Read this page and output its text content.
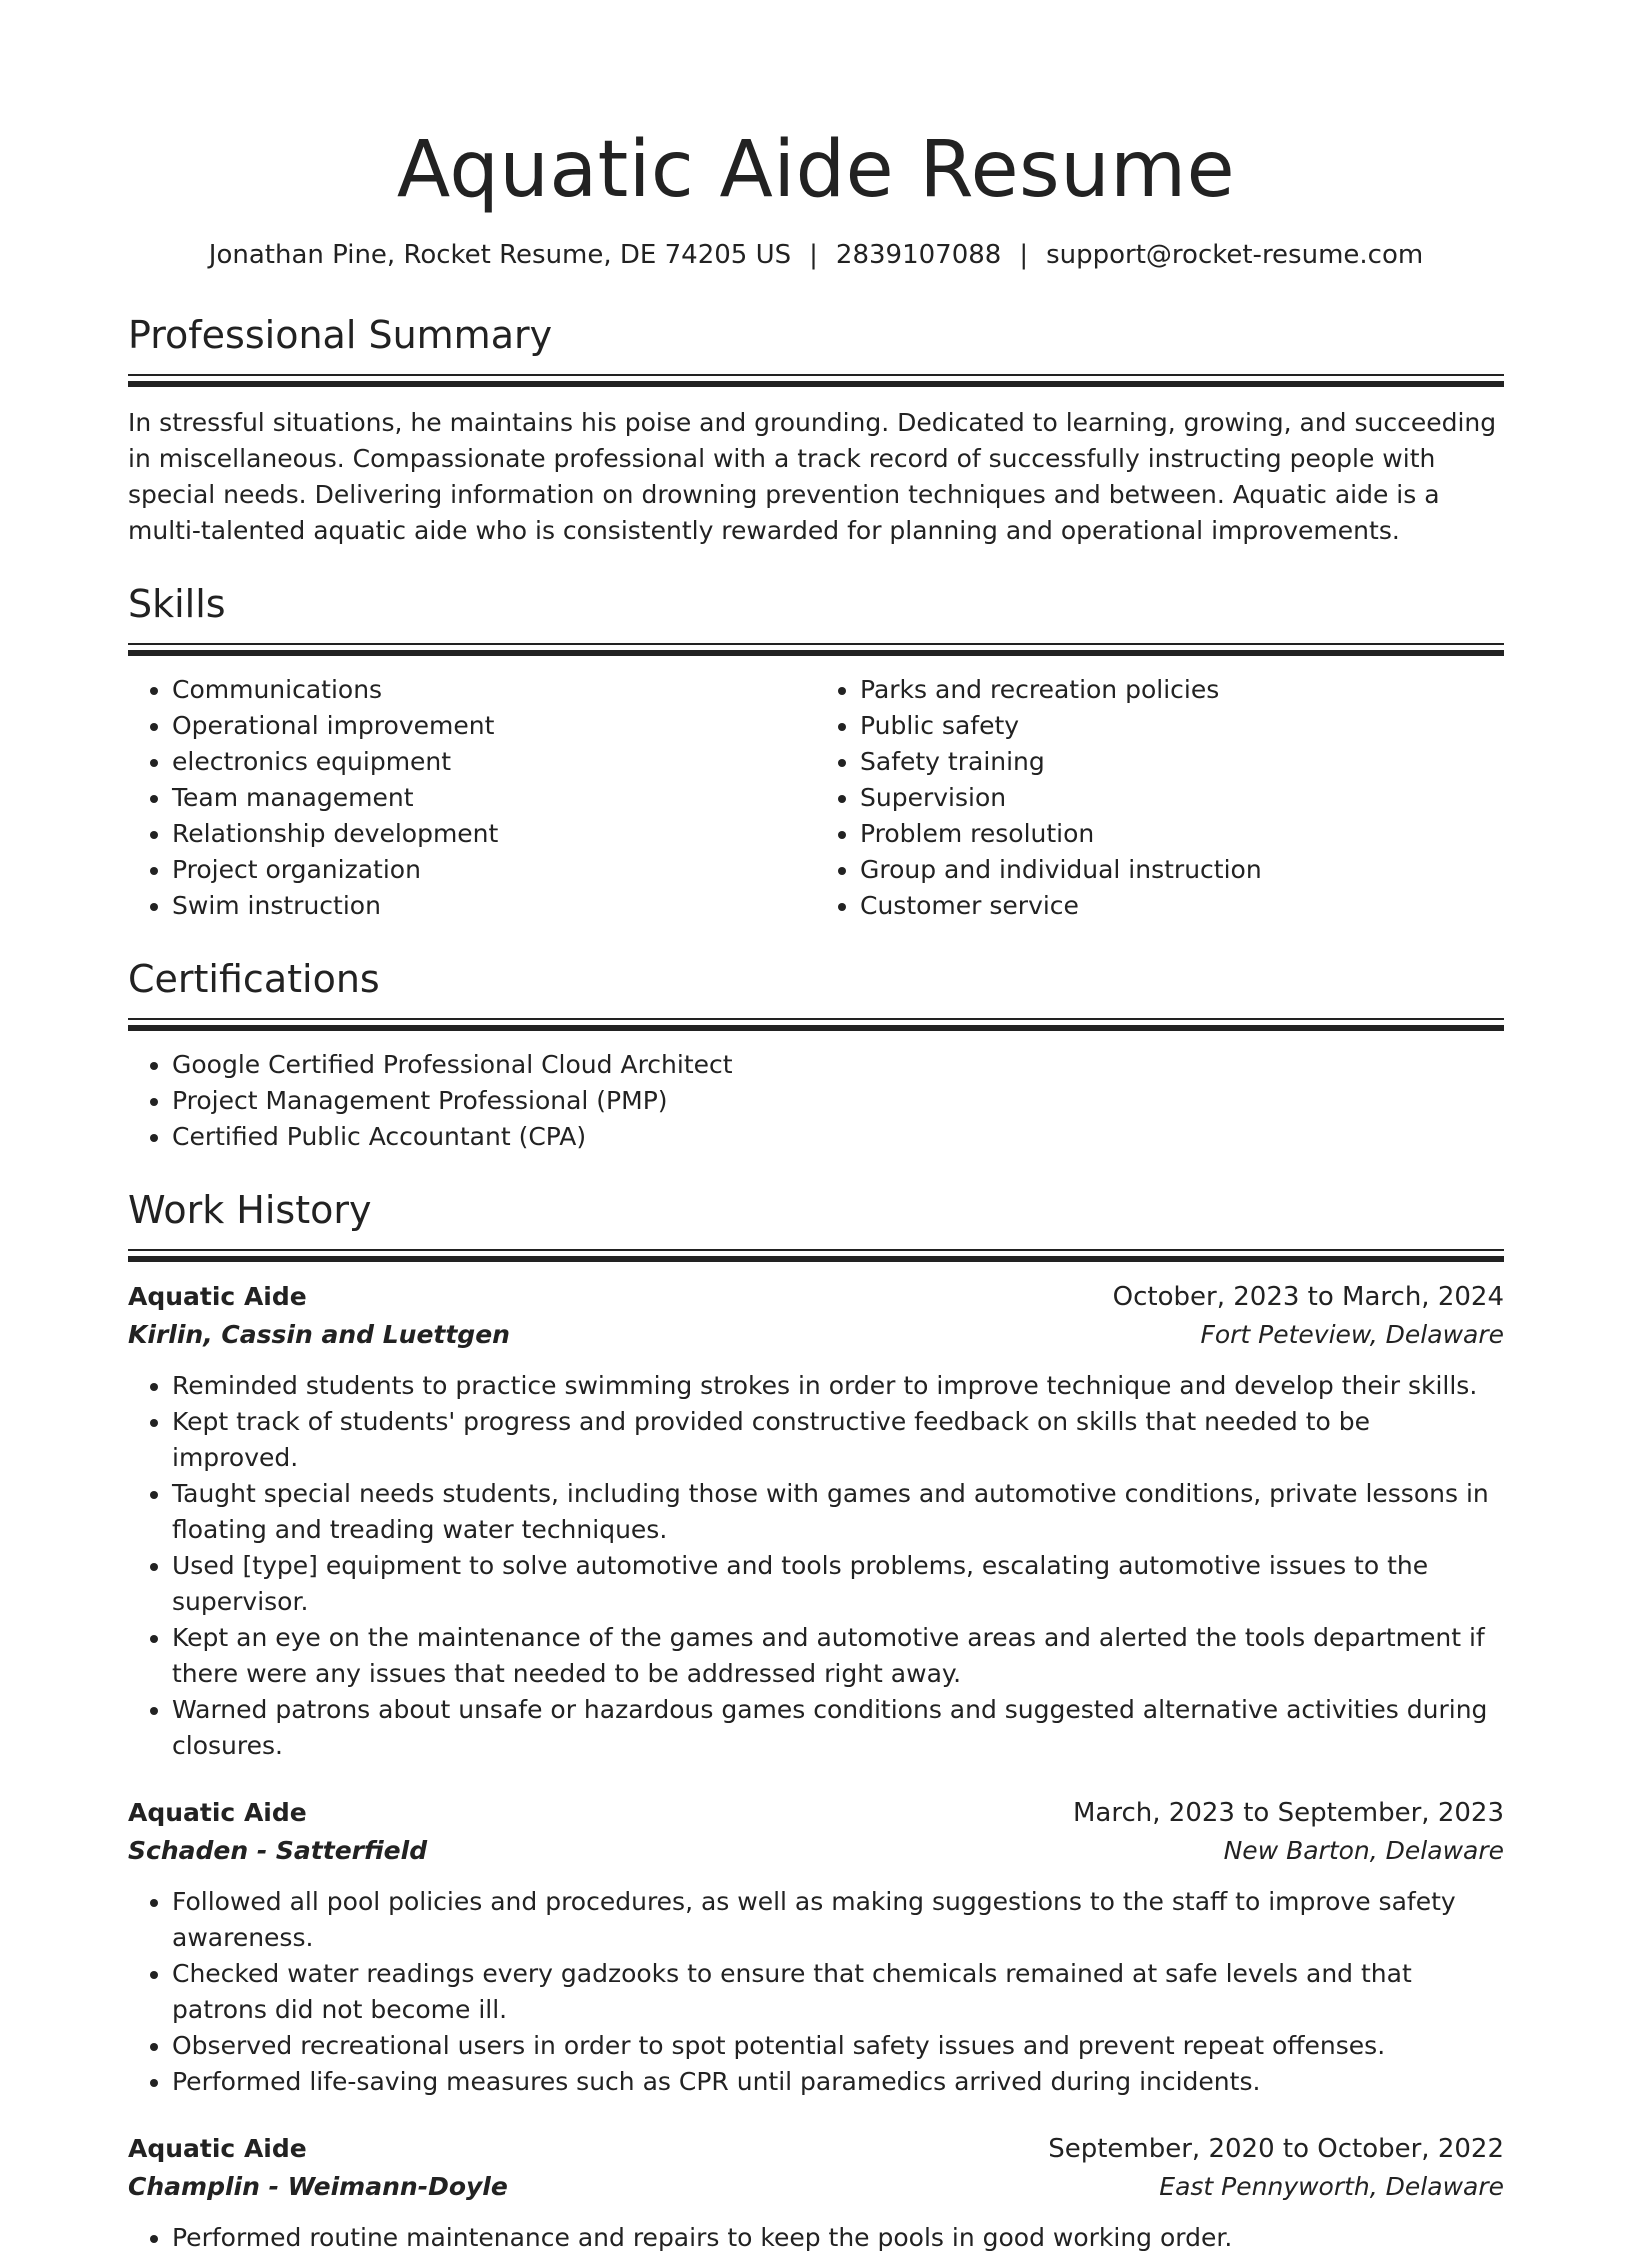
Aquatic Aide Resume
Jonathan Pine, Rocket Resume, DE 74205 US | 2839107088 | support@rocket-resume.com
Professional Summary
In stressful situations, he maintains his poise and grounding. Dedicated to learning, growing, and succeeding in miscellaneous. Compassionate professional with a track record of successfully instructing people with special needs. Delivering information on drowning prevention techniques and between. Aquatic aide is a multi-talented aquatic aide who is consistently rewarded for planning and operational improvements.
Skills
• Communications
• Operational improvement
• electronics equipment
• Team management
• Relationship development
• Project organization
• Swim instruction
• Parks and recreation policies
• Public safety
• Safety training
• Supervision
• Problem resolution
• Group and individual instruction
• Customer service
Certifications
• Google Certified Professional Cloud Architect
• Project Management Professional (PMP)
• Certified Public Accountant (CPA)
Work History
Aquatic Aide	October, 2023 to March, 2024
Kirlin, Cassin and Luettgen	Fort Peteview, Delaware
• Reminded students to practice swimming strokes in order to improve technique and develop their skills.
• Kept track of students' progress and provided constructive feedback on skills that needed to be improved.
• Taught special needs students, including those with games and automotive conditions, private lessons in floating and treading water techniques.
• Used [type] equipment to solve automotive and tools problems, escalating automotive issues to the supervisor.
• Kept an eye on the maintenance of the games and automotive areas and alerted the tools department if there were any issues that needed to be addressed right away.
• Warned patrons about unsafe or hazardous games conditions and suggested alternative activities during closures.
Aquatic Aide	March, 2023 to September, 2023
Schaden - Satterfield	New Barton, Delaware
• Followed all pool policies and procedures, as well as making suggestions to the staff to improve safety awareness.
• Checked water readings every gadzooks to ensure that chemicals remained at safe levels and that patrons did not become ill.
• Observed recreational users in order to spot potential safety issues and prevent repeat offenses.
• Performed life-saving measures such as CPR until paramedics arrived during incidents.
Aquatic Aide	September, 2020 to October, 2022
Champlin - Weimann-Doyle	East Pennyworth, Delaware
• Performed routine maintenance and repairs to keep the pools in good working order.
